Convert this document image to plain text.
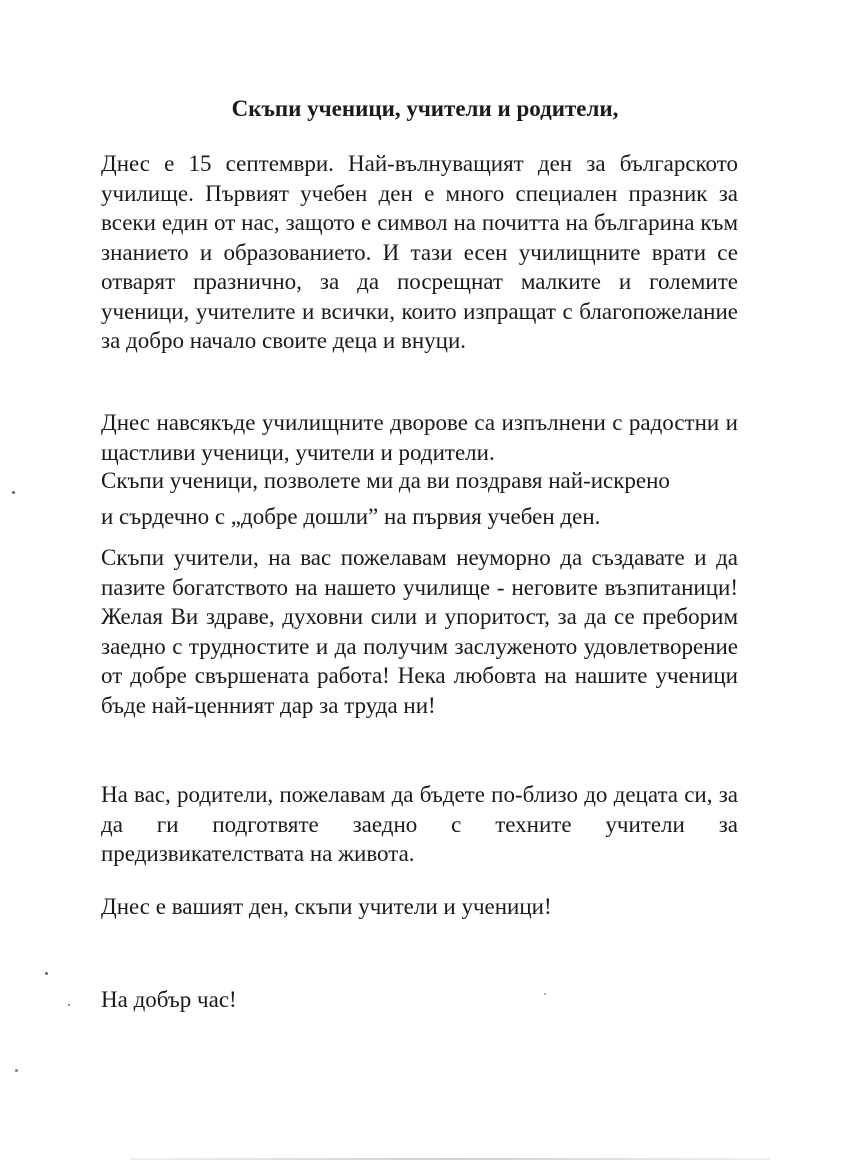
Скъпи ученици, учители и родители,

Днес е 15 септември. Най-вълнуващият ден за българското училище. Първият учебен ден е много специален празник за всеки един от нас, защото е символ на почитта на българина към знанието и образованието. И тази есен училищните врати се отварят празнично, за да посрещнат малките и големите ученици, учителите и всички, които изпращат с благопожелание за добро начало своите деца и внуци.

Днес навсякъде училищните дворове са изпълнени с радостни и щастливи ученици, учители и родители.

Скъпи ученици, позволете ми да ви поздравя най-искрено

и сърдечно с „добре дошли” на първия учебен ден.

Скъпи учители, на вас пожелавам неуморно да създавате и да пазите богатството на нашето училище - неговите възпитаници! Желая Ви здраве, духовни сили и упоритост, за да се преборим заедно с трудностите и да получим заслуженото удовлетворение от добре свършената работа! Нека любовта на нашите ученици бъде най-ценният дар за труда ни!

На вас, родители, пожелавам да бъдете по-близо до децата си, за да ги подготвяте заедно с техните учители за предизвикателствата на живота.

Днес е вашият ден, скъпи учители и ученици!

На добър час!
